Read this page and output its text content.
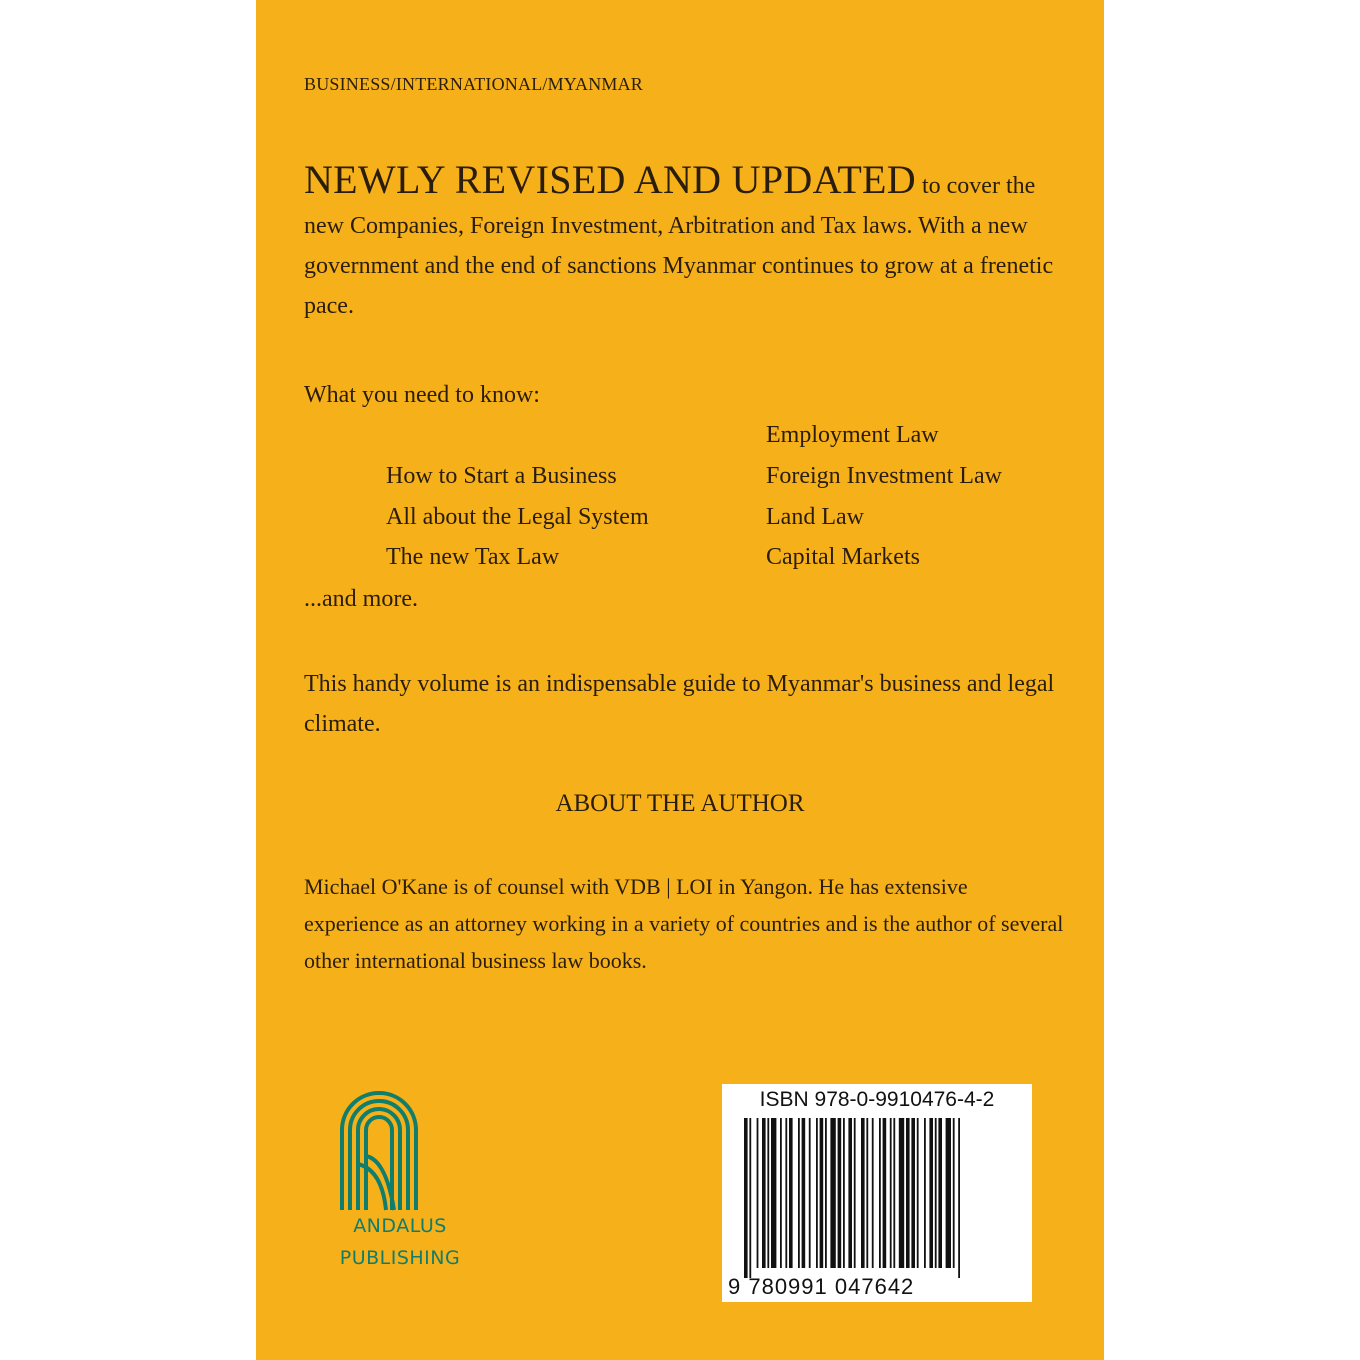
BUSINESS/INTERNATIONAL/MYANMAR
NEWLY REVISED AND UPDATED to cover the new Companies, Foreign Investment, Arbitration and Tax laws. With a new government and the end of sanctions Myanmar continues to grow at a frenetic pace.
What you need to know:
Employment Law
How to Start a Business	Foreign Investment Law
All about the Legal System	Land Law
The new Tax Law	Capital Markets
...and more.
This handy volume is an indispensable guide to Myanmar's business and legal climate.
ABOUT THE AUTHOR
Michael O'Kane is of counsel with VDB | LOI in Yangon. He has extensive experience as an attorney working in a variety of countries and is the author of several other international business law books.
ANDALUS
PUBLISHING
ISBN 978-0-9910476-4-2
9 780991 047642
